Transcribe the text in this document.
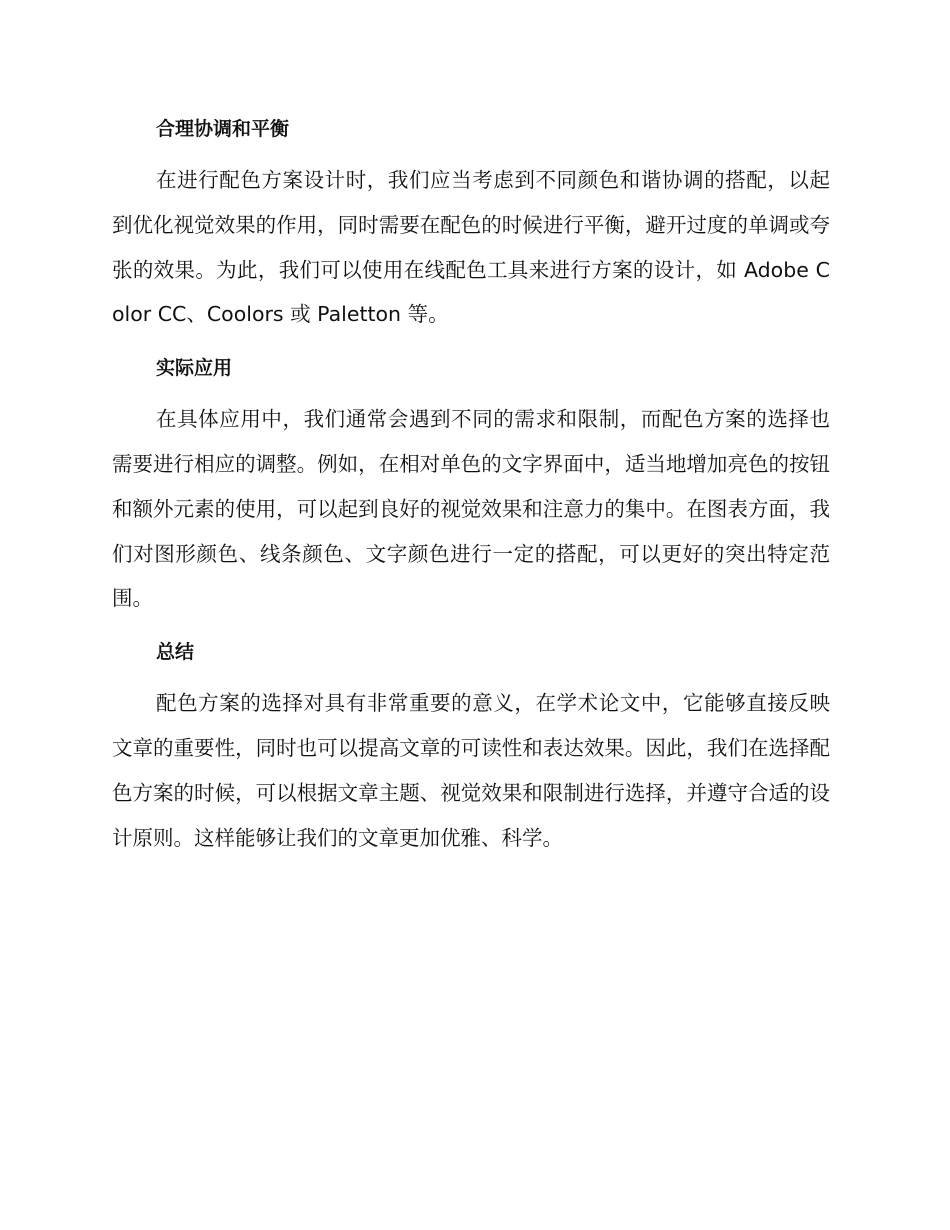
合理协调和平衡

在进行配色方案设计时，我们应当考虑到不同颜色和谐协调的搭配，以起到优化视觉效果的作用，同时需要在配色的时候进行平衡，避开过度的单调或夸张的效果。为此，我们可以使用在线配色工具来进行方案的设计，如 Adobe Color CC、Coolors 或 Paletton 等。

实际应用

在具体应用中，我们通常会遇到不同的需求和限制，而配色方案的选择也需要进行相应的调整。例如，在相对单色的文字界面中，适当地增加亮色的按钮和额外元素的使用，可以起到良好的视觉效果和注意力的集中。在图表方面，我们对图形颜色、线条颜色、文字颜色进行一定的搭配，可以更好的突出特定范围。

总结

配色方案的选择对具有非常重要的意义，在学术论文中，它能够直接反映文章的重要性，同时也可以提高文章的可读性和表达效果。因此，我们在选择配色方案的时候，可以根据文章主题、视觉效果和限制进行选择，并遵守合适的设计原则。这样能够让我们的文章更加优雅、科学。
